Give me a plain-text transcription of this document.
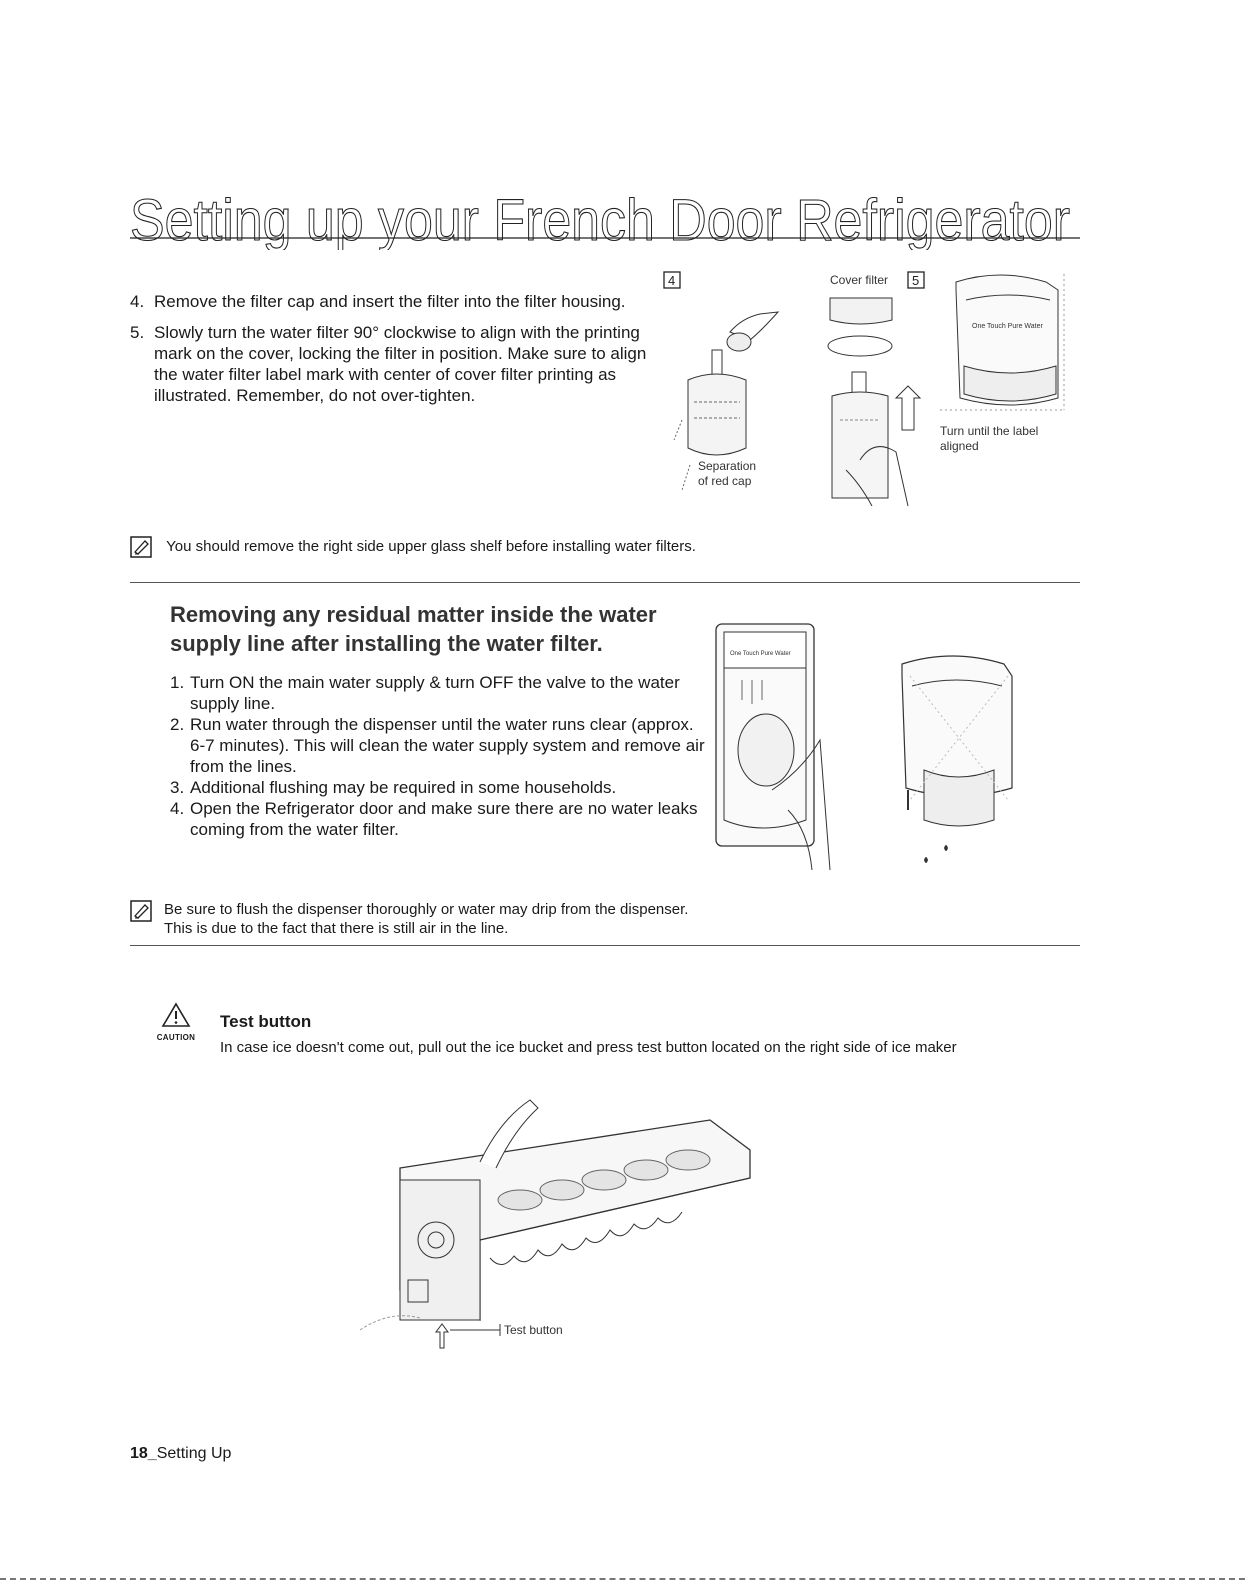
Setting up your French Door Refrigerator
4. Remove the filter cap and insert the filter into the filter housing.
5. Slowly turn the water filter 90° clockwise to align with the printing mark on the cover, locking the filter in position. Make sure to align the water filter label mark with center of cover filter printing as illustrated. Remember, do not over-tighten.
4
Separation
of red cap
Cover filter 5
One Touch Pure Water
Turn until the label
aligned
You should remove the right side upper glass shelf before installing water filters.
Removing any residual matter inside the water supply line after installing the water filter.
1. Turn ON the main water supply & turn OFF the valve to the water supply line.
2. Run water through the dispenser until the water runs clear (approx. 6-7 minutes). This will clean the water supply system and remove air from the lines.
3. Additional flushing may be required in some households.
4. Open the Refrigerator door and make sure there are no water leaks coming from the water filter.
One Touch Pure Water
Be sure to flush the dispenser thoroughly or water may drip from the dispenser.
This is due to the fact that there is still air in the line.
CAUTION
Test button
In case ice doesn't come out, pull out the ice bucket and press test button located on the right side of ice maker
Test button
18_Setting Up
